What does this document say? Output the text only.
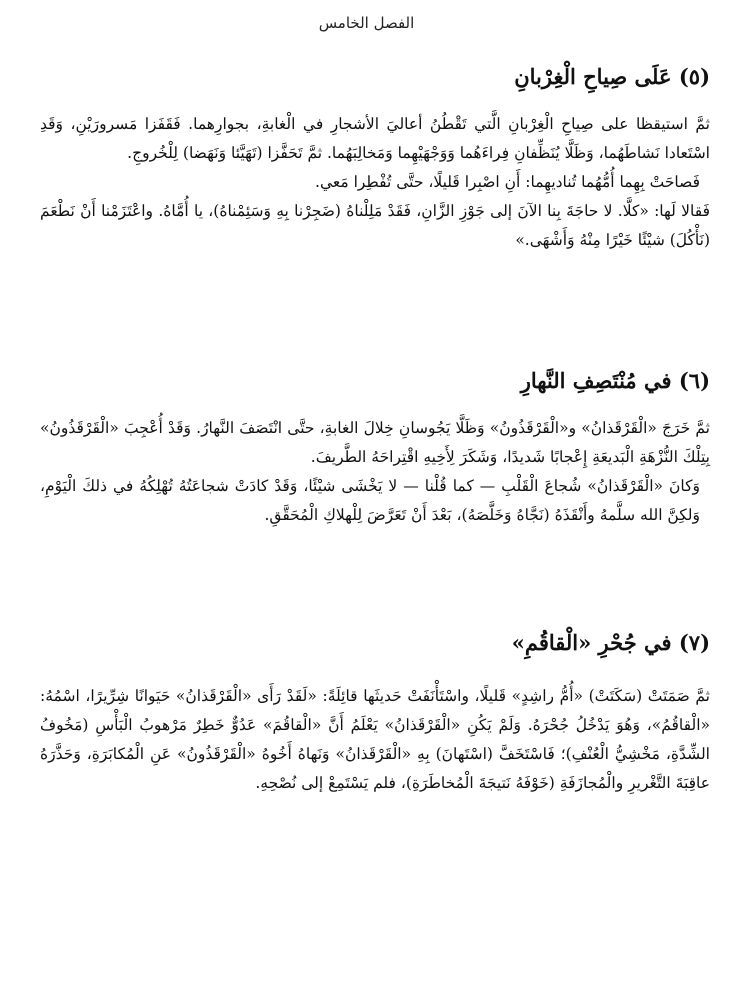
الفصل الخامس
(٥) عَلَى صِياحِ الْغِرْبانِ

ثمَّ استيقظا على صِياحِ الْغِرْبانِ الَّتي تَقْطُنُ أعاليَ الأشجارِ في الْغابةِ، بجوارِهما. فَقَفَزا مَسرورَيْنِ، وَقَدِ اسْتَعادا نَشاطَهُما، وَظَلَّا يُنَظِّفانِ فِراءَهُما وَوَجْهَيْهِما وَمَخالِبَهُما. ثمَّ تَحَفَّزا (تَهَيَّئا وَنَهَضا) لِلْخُروجِ.

فَصاحَتْ بِهِما أُمُّهُما تُناديهِما: أَنِ اصْبِرا قَليلًا، حتَّى تُفْطِرا مَعي.

فَقالا لَها: «كلَّا. لا حاجَةَ بِنا الآنَ إلى جَوْزِ الزَّانِ، فَقَدْ مَلِلْناهُ (ضَجِرْنا بِهِ وَسَئِمْناهُ)، يا أُمَّاهُ. واعْتَزَمْنا أَنْ نَطْعَمَ (نَأْكُلَ) شيْئًا خَيْرًا مِنْهُ وَأَشْهَى.»

(٦) في مُنْتَصِفِ النَّهارِ

ثمَّ خَرَجَ «الْقَرْقَذانُ» و«الْقَرْقَذُونُ» وَظَلَّا يَجُوسانِ خِلالَ الغابةِ، حتَّى انْتَصَفَ النَّهارُ. وَقَدْ أُعْجِبَ «الْقَرْقَذُونُ» بِتِلْكَ النُّزْهَةِ الْبَديعَةِ إِعْجابًا شَديدًا، وَشَكَرَ لِأَخِيهِ اقْتِراحَهُ الطَّريفَ.

وَكانَ «الْقَرْقَذانُ» شُجاعَ الْقَلْبِ — كما قُلْنا — لا يَخْشَى شيْئًا، وَقَدْ كادَتْ شجاعَتُهُ تُهْلِكُهُ في ذلكَ الْيَوْمِ، وَلكِنَّ الله سلَّمهُ وأَنْقَذَهُ (نَجَّاهُ وَخَلَّصَهُ)، بَعْدَ أَنْ تَعَرَّضَ لِلْهلاكِ الْمُحَقَّقِ.

(٧) في جُحْرِ «الْقاقُمِ»

ثمَّ صَمَتَتْ (سَكَتَتْ) «أُمُّ راشِدٍ» قَليلًا، واسْتَأْنَفَتْ حَديثَها قائِلَةً: «لَقَدْ رَأَى «الْقَرْقَذانُ» حَيَوانًا شِرِّيرًا، اسْمُهُ: «الْقاقُمُ»، وَهُوَ يَدْخُلُ جُحْرَهُ. وَلَمْ يَكُنِ «الْقَرْقَذانُ» يَعْلَمُ أَنَّ «الْقاقُمَ» عَدُوٌّ خَطِرٌ مَرْهوبُ الْبَأْسِ (مَخُوفُ الشِّدَّةِ، مَخْشِيُّ الْعُنْفِ)؛ فَاسْتَخَفَّ (اسْتَهانَ) بِهِ «الْقَرْقَذانُ» وَنَهاهُ أَخُوهُ «الْقَرْقَذُونُ» عَنِ الْمُكابَرَةِ، وَحَذَّرَهُ عاقِبَةَ التَّغْريرِ والْمُجازَفَةِ (خَوْفَهُ نَتيجَةَ الْمُخاطَرَةِ)، فلم يَسْتَمِعْ إلى نُصْحِهِ.
